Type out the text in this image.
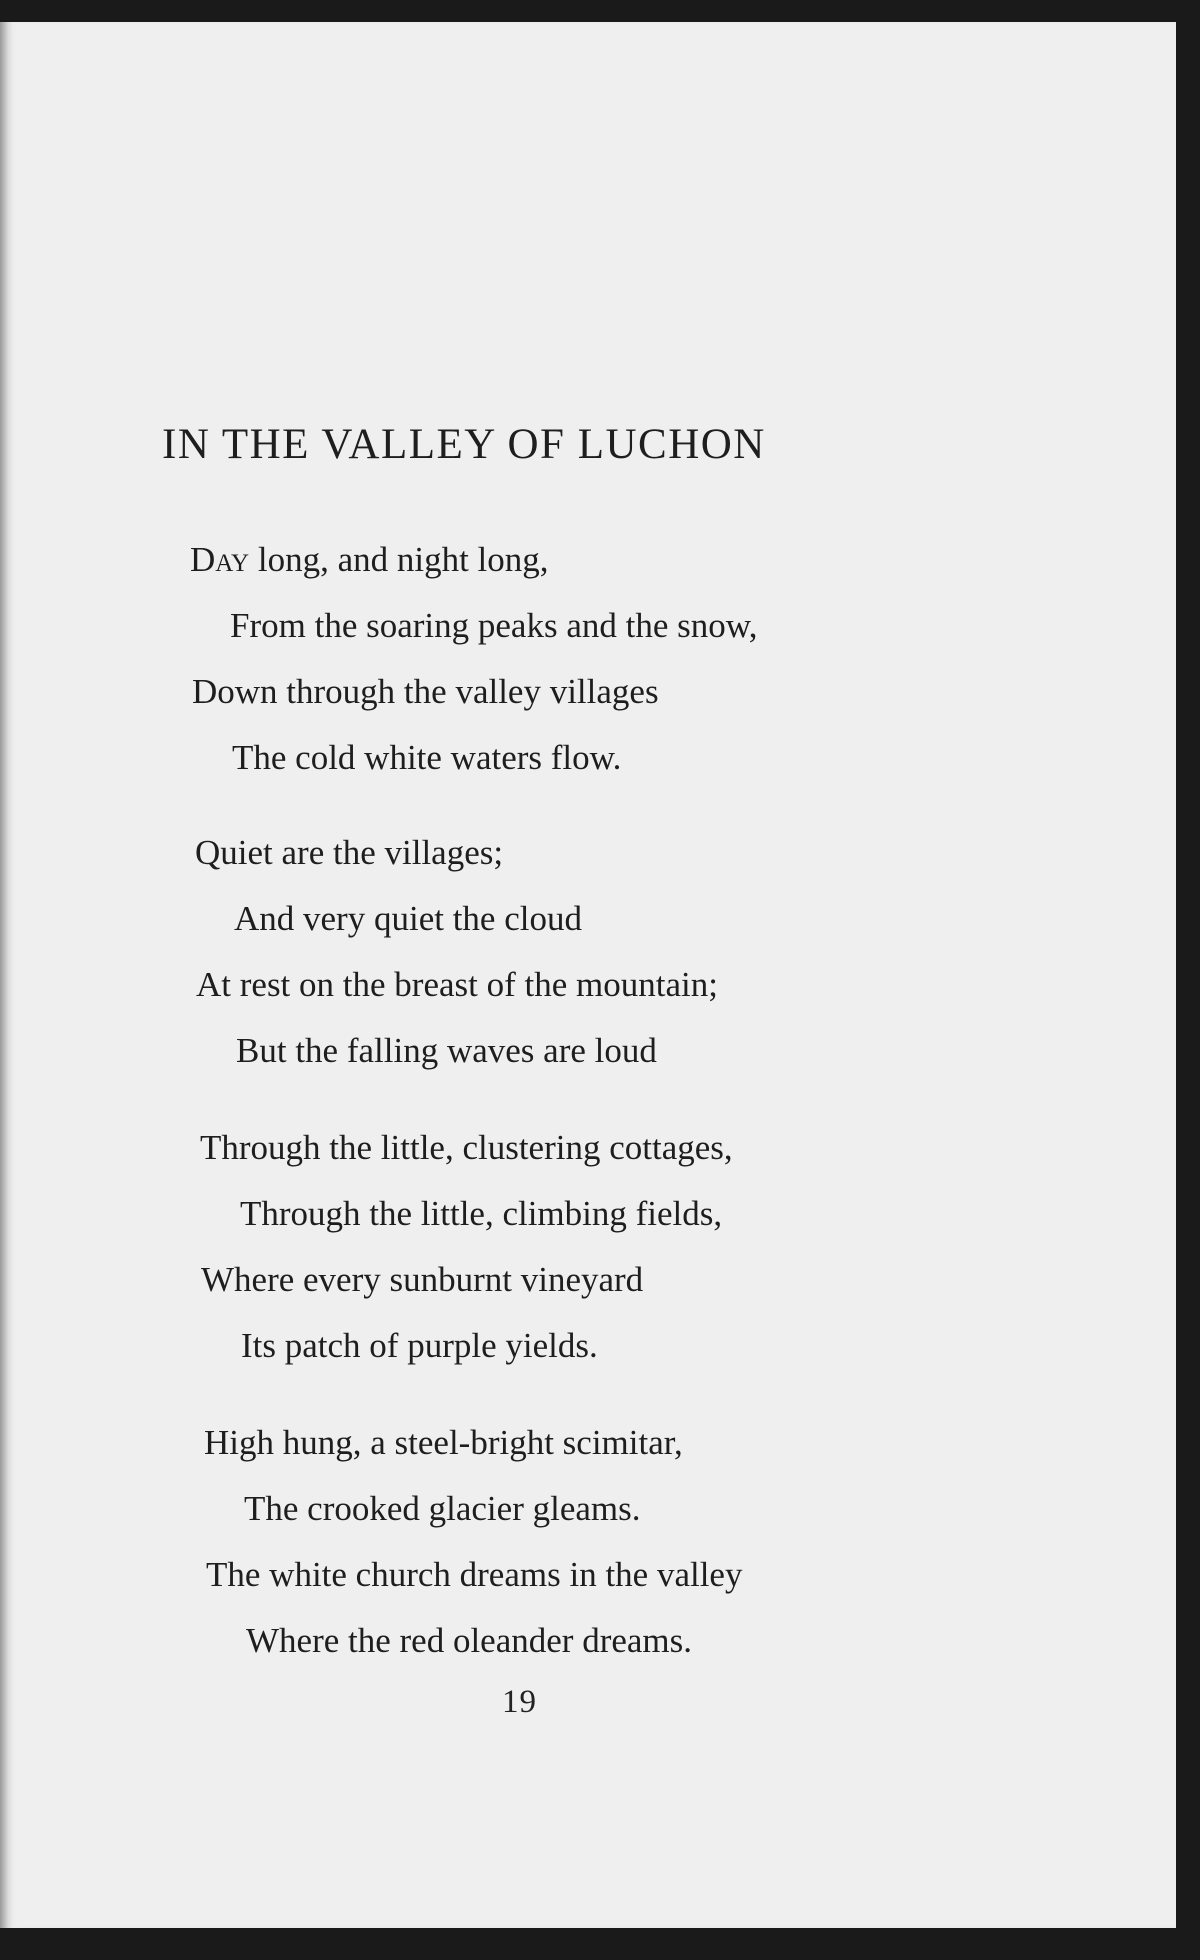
IN THE VALLEY OF LUCHON
Day long, and night long,
From the soaring peaks and the snow,
Down through the valley villages
The cold white waters flow.
Quiet are the villages;
And very quiet the cloud
At rest on the breast of the mountain;
But the falling waves are loud
Through the little, clustering cottages,
Through the little, climbing fields,
Where every sunburnt vineyard
Its patch of purple yields.
High hung, a steel-bright scimitar,
The crooked glacier gleams.
The white church dreams in the valley
Where the red oleander dreams.
19
